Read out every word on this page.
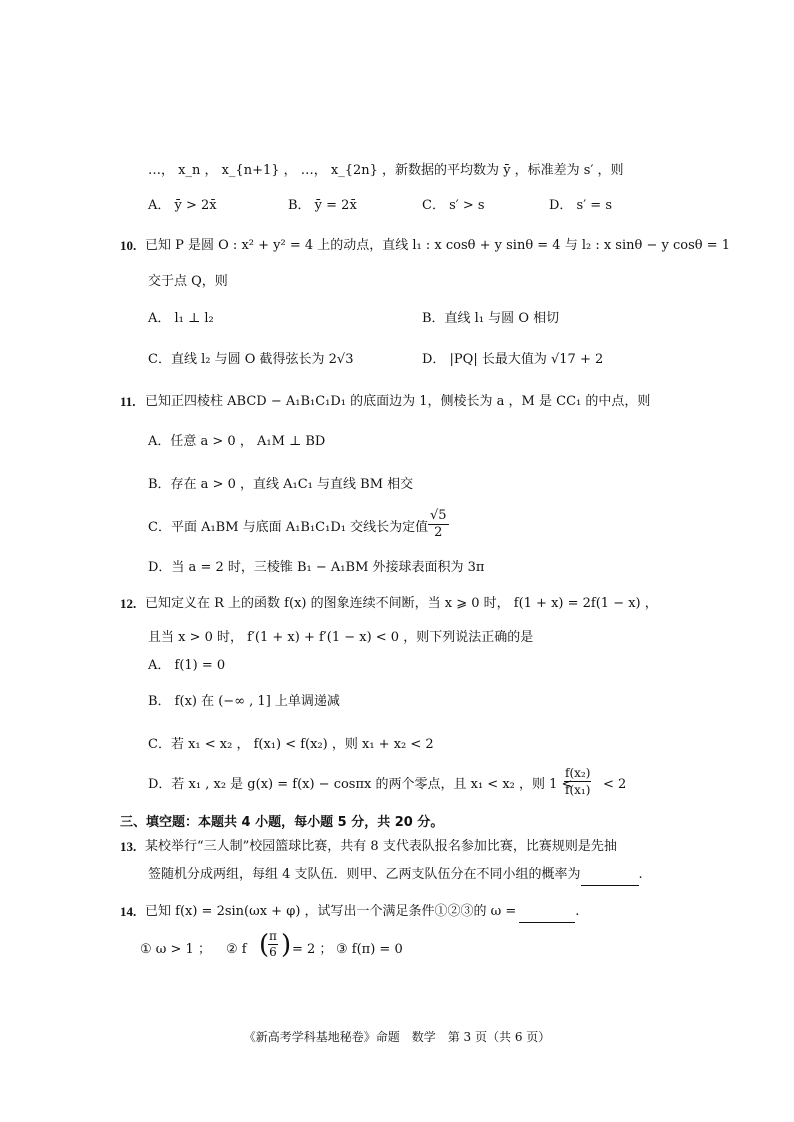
…， x_n ， x_{n+1} ， …， x_{2n} ，新数据的平均数为 ȳ ，标准差为 s′ ，则
A． ȳ > 2x̄	B． ȳ = 2x̄	C． s′ > s	D． s′ = s
10. 已知 P 是圆 O : x² + y² = 4 上的动点，直线 l₁ : x cosθ + y sinθ = 4 与 l₂ : x sinθ − y cosθ = 1
交于点 Q，则
A． l₁ ⊥ l₂	B．直线 l₁ 与圆 O 相切
C．直线 l₂ 与圆 O 截得弦长为 2√3	D． |PQ| 长最大值为 √17 + 2
11. 已知正四棱柱 ABCD − A₁B₁C₁D₁ 的底面边为 1，侧棱长为 a ，M 是 CC₁ 的中点，则
A．任意 a > 0 ， A₁M ⊥ BD
B．存在 a > 0 ，直线 A₁C₁ 与直线 BM 相交
C．平面 A₁BM 与底面 A₁B₁C₁D₁ 交线长为定值 $\frac{√5}{2}$
D．当 a = 2 时，三棱锥 B₁ − A₁BM 外接球表面积为 3π
12. 已知定义在 R 上的函数 f(x) 的图象连续不间断，当 x ⩾ 0 时， f(1 + x) = 2f(1 − x) ，
且当 x > 0 时， f′(1 + x) + f′(1 − x) < 0 ，则下列说法正确的是
A． f(1) = 0
B． f(x) 在 (−∞ , 1] 上单调递减
C．若 x₁ < x₂ ， f(x₁) < f(x₂) ，则 x₁ + x₂ < 2
D．若 x₁ , x₂ 是 g(x) = f(x) − cosπx 的两个零点，且 x₁ < x₂ ，则 1 <
$\frac{\text{f(x₂)}}{\text{f(x₁)}} < 2$
三、填空题：本题共 4 小题，每小题 5 分，共 20 分。
13. 某校举行“三人制”校园篮球比赛，共有 8 支代表队报名参加比赛，比赛规则是先抽
签随机分成两组，每组 4 支队伍．则甲、乙两支队伍分在不同小组的概率为	.
14. 已知 f(x) = 2sin(ωx + φ) ，试写出一个满足条件①②③的 ω =	.
① ω > 1 ； ② f (
$\frac{\pi}{6}$ ) = 2 ； ③ f(π) = 0
《新高考学科基地秘卷》命题　数学　第 3 页（共 6 页）
